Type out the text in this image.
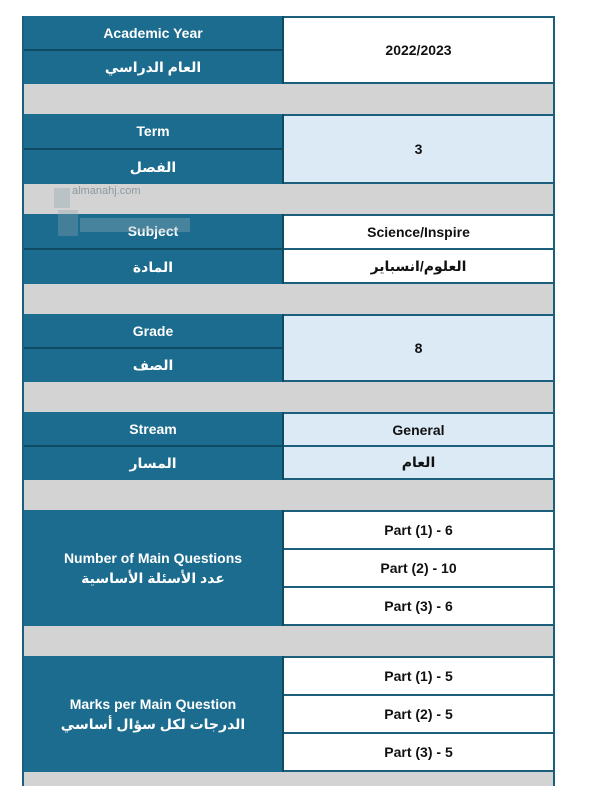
Academic Year
العام الدراسي
2022/2023
Term
الفصل
3
Subject
المادة
Science/Inspire
العلوم/انسباير
Grade
الصف
8
Stream
المسار
General
العام
Number of Main Questions
عدد الأسئلة الأساسية
Part (1) - 6
Part (2) - 10
Part (3) - 6
Marks per Main Question
الدرجات لكل سؤال أساسي
Part (1) - 5
Part (2) - 5
Part (3) - 5
almanahj.com
